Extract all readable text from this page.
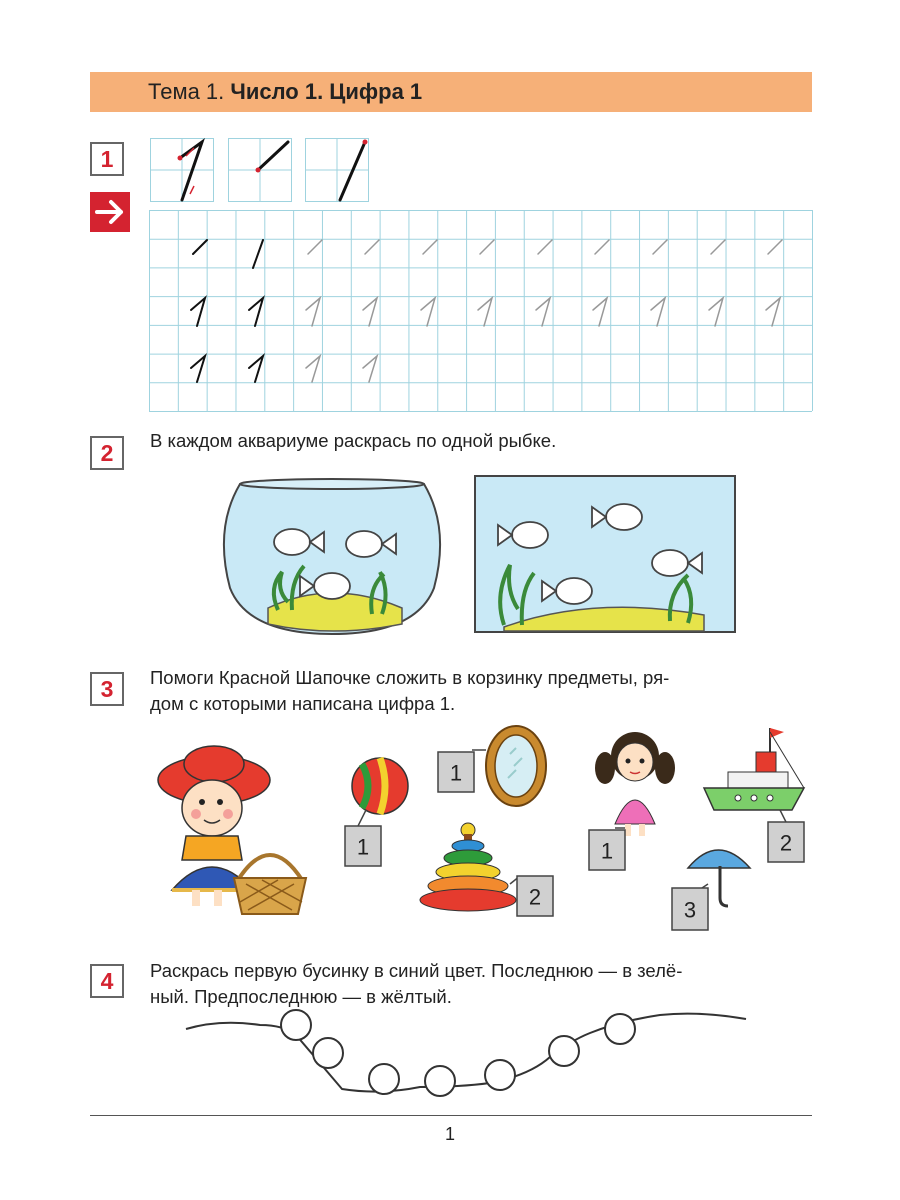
Тема 1. Число 1. Цифра 1
1
2	В каждом аквариуме раскрась по одной рыбке.
3	Помоги Красной Шапочке сложить в корзинку предметы, ря-
дом с которыми написана цифра 1.
1
1
2
1	2
3
4	Раскрась первую бусинку в синий цвет. Последнюю — в зелё-
ный. Предпоследнюю — в жёлтый.
1
